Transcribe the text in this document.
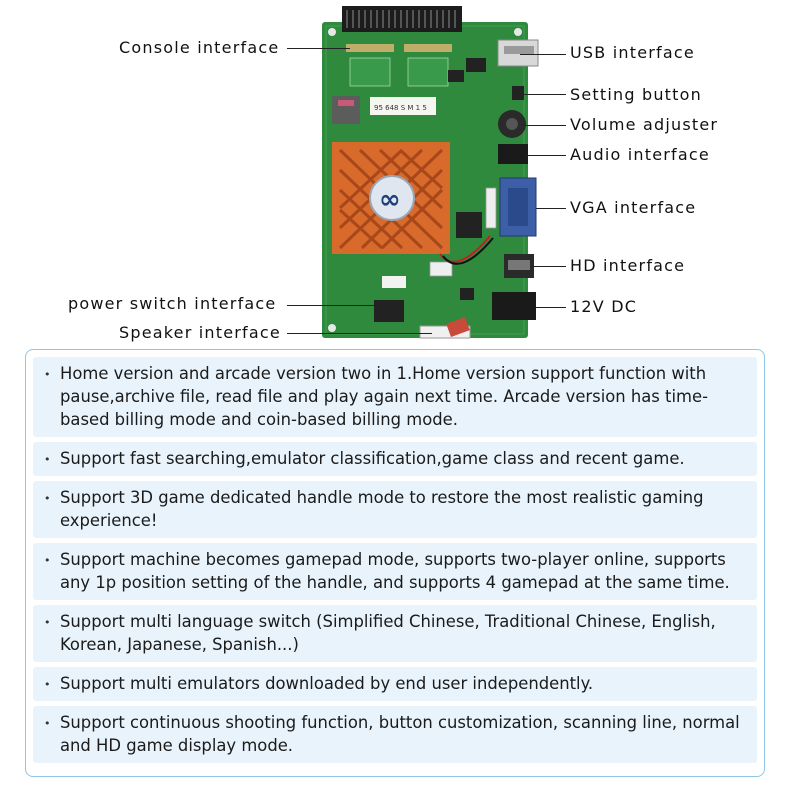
95 648 S M 1 5
∞
Console interface
power switch interface
Speaker interface
USB interface
Setting button
Volume adjuster
Audio interface
VGA interface
HD interface
12V DC
• Home version and arcade version two in 1.Home version support function with pause,archive file, read file and play again next time. Arcade version has time-based billing mode and coin-based billing mode.
• Support fast searching,emulator classification,game class and recent game.
• Support 3D game dedicated handle mode to restore the most realistic gaming experience!
• Support machine becomes gamepad mode, supports two-player online, supports any 1p position setting of the handle, and supports 4 gamepad at the same time.
• Support multi language switch (Simplified Chinese, Traditional Chinese, English, Korean, Japanese, Spanish...)
• Support multi emulators downloaded by end user independently.
• Support continuous shooting function, button customization, scanning line, normal and HD game display mode.
